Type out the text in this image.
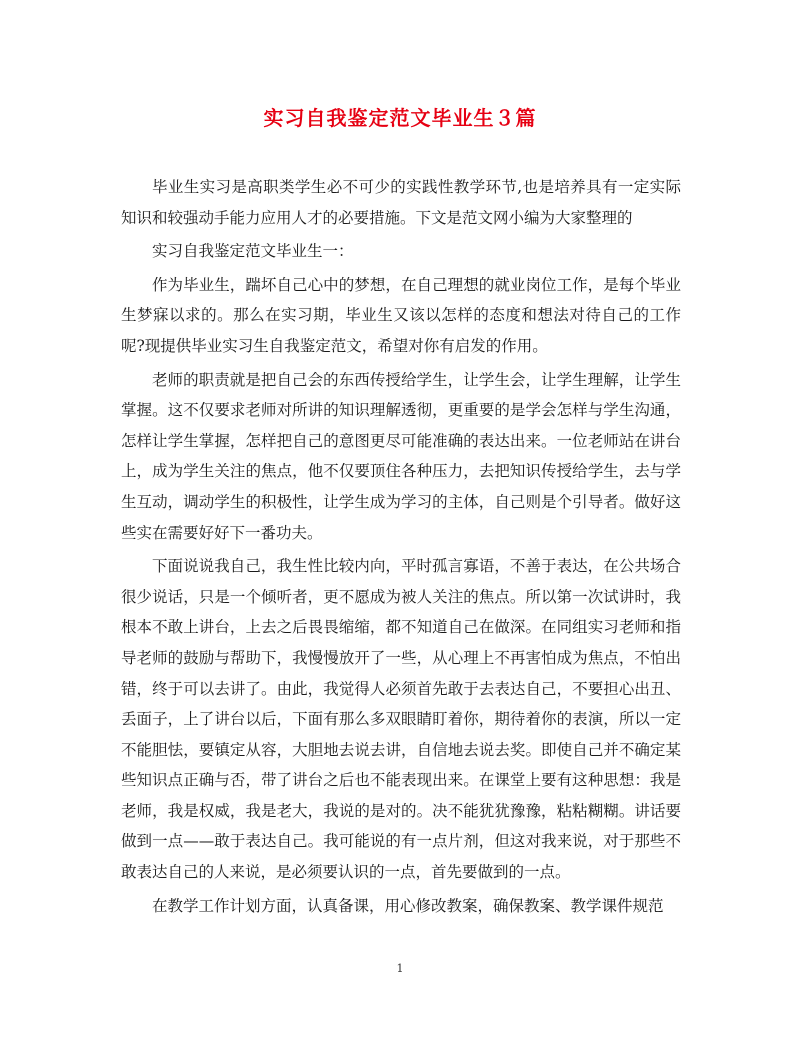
实习自我鉴定范文毕业生３篇

毕业生实习是高职类学生必不可少的实践性教学环节,也是培养具有一定实际知识和较强动手能力应用人才的必要措施。下文是范文网小编为大家整理的

实习自我鉴定范文毕业生一：

作为毕业生，踹坏自己心中的梦想，在自己理想的就业岗位工作，是每个毕业生梦寐以求的。那么在实习期，毕业生又该以怎样的态度和想法对待自己的工作呢?现提供毕业实习生自我鉴定范文，希望对你有启发的作用。

老师的职责就是把自己会的东西传授给学生，让学生会，让学生理解，让学生掌握。这不仅要求老师对所讲的知识理解透彻，更重要的是学会怎样与学生沟通，怎样让学生掌握，怎样把自己的意图更尽可能准确的表达出来。一位老师站在讲台上，成为学生关注的焦点，他不仅要顶住各种压力，去把知识传授给学生，去与学生互动，调动学生的积极性，让学生成为学习的主体，自己则是个引导者。做好这些实在需要好好下一番功夫。

下面说说我自己，我生性比较内向，平时孤言寡语，不善于表达，在公共场合很少说话，只是一个倾听者，更不愿成为被人关注的焦点。所以第一次试讲时，我根本不敢上讲台，上去之后畏畏缩缩，都不知道自己在做深。在同组实习老师和指导老师的鼓励与帮助下，我慢慢放开了一些，从心理上不再害怕成为焦点，不怕出错，终于可以去讲了。由此，我觉得人必须首先敢于去表达自己，不要担心出丑、丢面子，上了讲台以后，下面有那么多双眼睛盯着你，期待着你的表演，所以一定不能胆怯，要镇定从容，大胆地去说去讲，自信地去说去奖。即使自己并不确定某些知识点正确与否，带了讲台之后也不能表现出来。在课堂上要有这种思想：我是老师，我是权威，我是老大，我说的是对的。决不能犹犹豫豫，粘粘糊糊。讲话要做到一点——敢于表达自己。我可能说的有一点片剂，但这对我来说，对于那些不敢表达自己的人来说，是必须要认识的一点，首先要做到的一点。

在教学工作计划方面，认真备课，用心修改教案，确保教案、教学课件规范

1
